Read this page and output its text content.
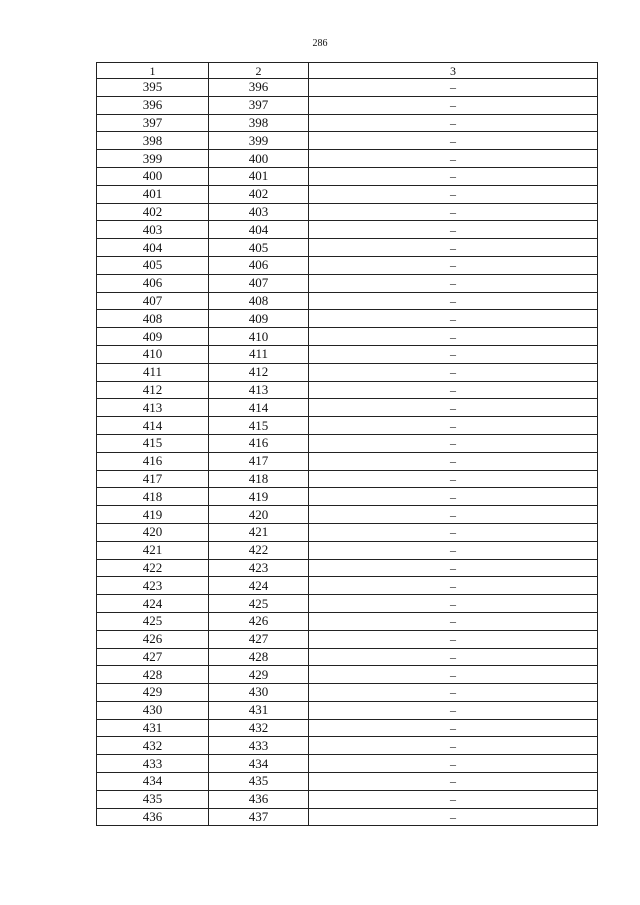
286
1	2	3
395	396	–
396	397	–
397	398	–
398	399	–
399	400	–
400	401	–
401	402	–
402	403	–
403	404	–
404	405	–
405	406	–
406	407	–
407	408	–
408	409	–
409	410	–
410	411	–
411	412	–
412	413	–
413	414	–
414	415	–
415	416	–
416	417	–
417	418	–
418	419	–
419	420	–
420	421	–
421	422	–
422	423	–
423	424	–
424	425	–
425	426	–
426	427	–
427	428	–
428	429	–
429	430	–
430	431	–
431	432	–
432	433	–
433	434	–
434	435	–
435	436	–
436	437	–
